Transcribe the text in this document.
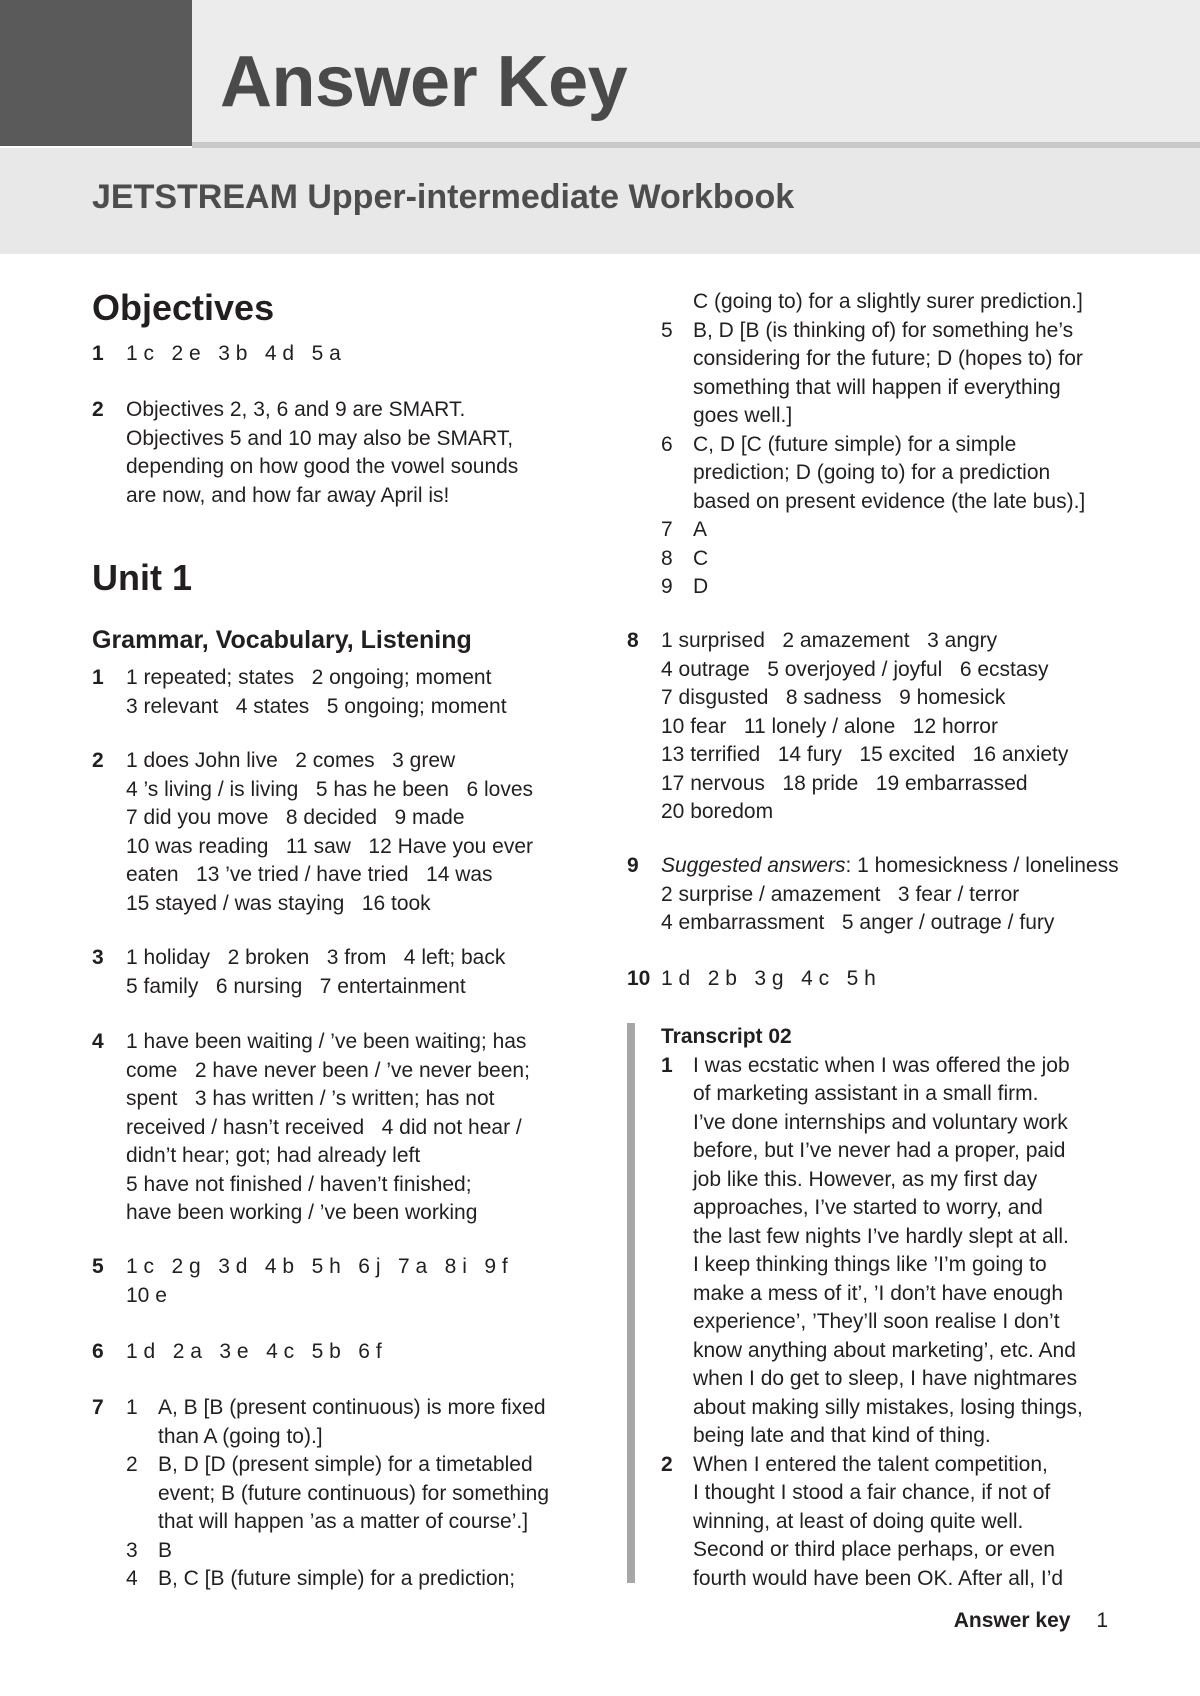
Answer Key
JETSTREAM Upper-intermediate Workbook
Objectives
1 1 c   2 e   3 b   4 d   5 a
2 Objectives 2, 3, 6 and 9 are SMART.
Objectives 5 and 10 may also be SMART,
depending on how good the vowel sounds
are now, and how far away April is!
Unit 1
Grammar, Vocabulary, Listening
1 1 repeated; states   2 ongoing; moment
3 relevant   4 states   5 ongoing; moment
2 1 does John live   2 comes   3 grew
4 ’s living / is living   5 has he been   6 loves
7 did you move   8 decided   9 made
10 was reading   11 saw   12 Have you ever
eaten   13 ’ve tried / have tried   14 was
15 stayed / was staying   16 took
3 1 holiday   2 broken   3 from   4 left; back
5 family   6 nursing   7 entertainment
4 1 have been waiting / ’ve been waiting; has
come   2 have never been / ’ve never been;
spent   3 has written / ’s written; has not
received / hasn’t received   4 did not hear /
didn’t hear; got; had already left
5 have not finished / haven’t finished;
have been working / ’ve been working
5 1 c   2 g   3 d   4 b   5 h   6 j   7 a   8 i   9 f
10 e
6 1 d   2 a   3 e   4 c   5 b   6 f
7 1 A, B [B (present continuous) is more fixed
than A (going to).]
2 B, D [D (present simple) for a timetabled
event; B (future continuous) for something
that will happen ’as a matter of course’.]
3 B
4 B, C [B (future simple) for a prediction;
C (going to) for a slightly surer prediction.]
5 B, D [B (is thinking of) for something he’s
considering for the future; D (hopes to) for
something that will happen if everything
goes well.]
6 C, D [C (future simple) for a simple
prediction; D (going to) for a prediction
based on present evidence (the late bus).]
7 A
8 C
9 D
8 1 surprised   2 amazement   3 angry
4 outrage   5 overjoyed / joyful   6 ecstasy
7 disgusted   8 sadness   9 homesick
10 fear   11 lonely / alone   12 horror
13 terrified   14 fury   15 excited   16 anxiety
17 nervous   18 pride   19 embarrassed
20 boredom
9 Suggested answers: 1 homesickness / loneliness
2 surprise / amazement   3 fear / terror
4 embarrassment   5 anger / outrage / fury
10 1 d   2 b   3 g   4 c   5 h
Transcript 02
1 I was ecstatic when I was offered the job
of marketing assistant in a small firm.
I’ve done internships and voluntary work
before, but I’ve never had a proper, paid
job like this. However, as my first day
approaches, I’ve started to worry, and
the last few nights I’ve hardly slept at all.
I keep thinking things like ’I’m going to
make a mess of it’, ’I don’t have enough
experience’, ’They’ll soon realise I don’t
know anything about marketing’, etc. And
when I do get to sleep, I have nightmares
about making silly mistakes, losing things,
being late and that kind of thing.
2 When I entered the talent competition,
I thought I stood a fair chance, if not of
winning, at least of doing quite well.
Second or third place perhaps, or even
fourth would have been OK. After all, I’d
Answer key 1
